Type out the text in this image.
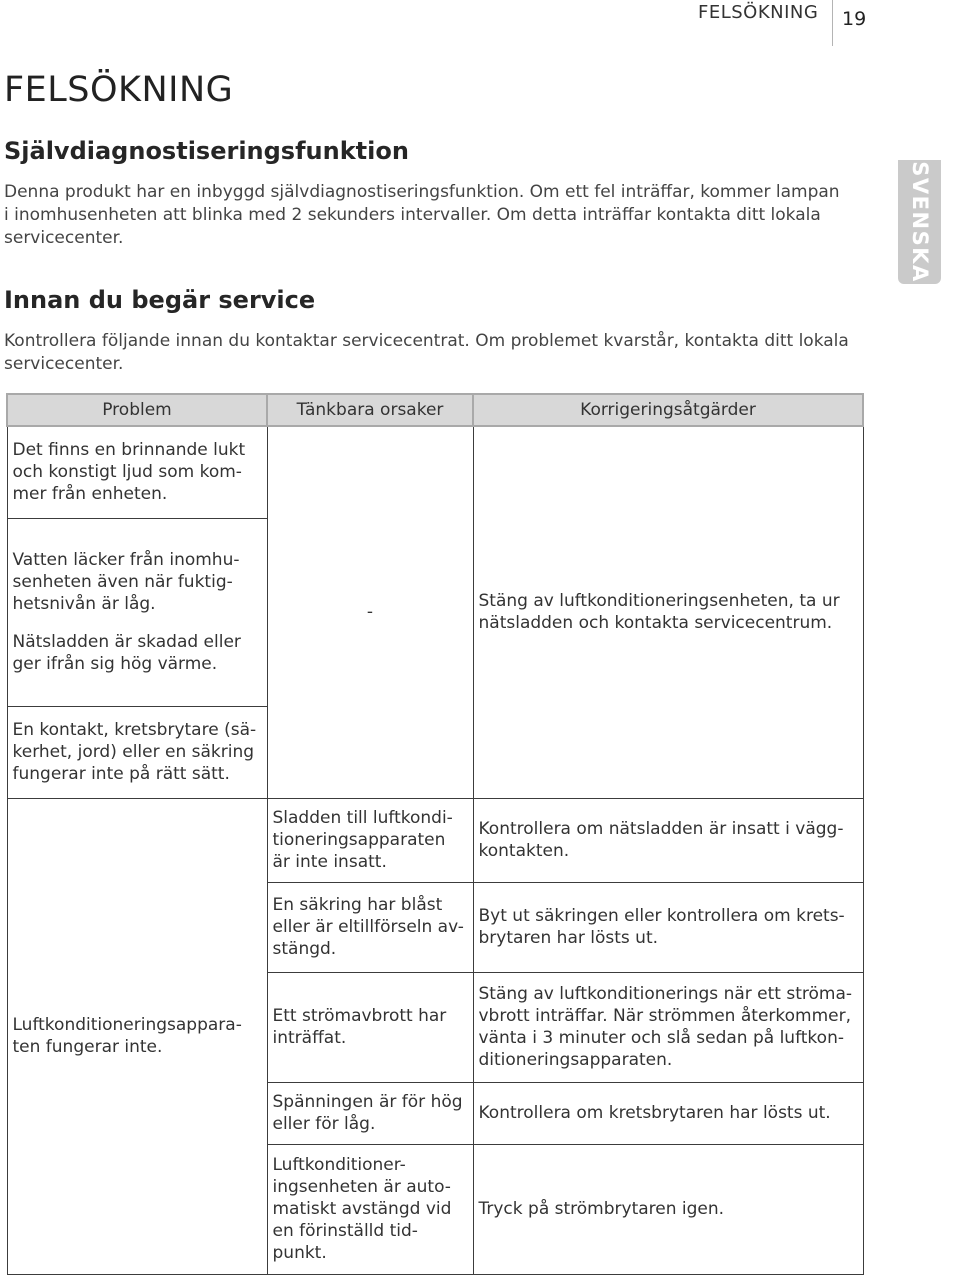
FELSÖKNING 19
SVENSKA
FELSÖKNING
Självdiagnostiseringsfunktion

Denna produkt har en inbyggd självdiagnostiseringsfunktion. Om ett fel inträffar, kommer lampan
i inomhusenheten att blinka med 2 sekunders intervaller. Om detta inträffar kontakta ditt lokala
servicecenter.

Innan du begär service

Kontrollera följande innan du kontaktar servicecentrat. Om problemet kvarstår, kontakta ditt lokala
servicecenter.

Problem	Tänkbara orsaker	Korrigeringsåtgärder

Det finns en brinnande lukt
och konstigt ljud som kom-
mer från enheten.	-	Stäng av luftkonditioneringsenheten, ta ur
nätsladden och kontakta servicecentrum.

Vatten läcker från inomhu-
senheten även när fuktig-
hetsnivån är låg.
Nätsladden är skadad eller
ger ifrån sig hög värme.		

En kontakt, kretsbrytare (sä-
kerhet, jord) eller en säkring
fungerar inte på rätt sätt.		

Luftkonditioneringsappara-
ten fungerar inte.	Sladden till luftkondi-
tioneringsapparaten
är inte insatt.	Kontrollera om nätsladden är insatt i vägg-
kontakten.

	En säkring har blåst
eller är eltillförseln av-
stängd.	Byt ut säkringen eller kontrollera om krets-
brytaren har lösts ut.

	Ett strömavbrott har
inträffat.	Stäng av luftkonditionerings när ett ströma-
vbrott inträffar. När strömmen återkommer,
vänta i 3 minuter och slå sedan på luftkon-
ditioneringsapparaten.

	Spänningen är för hög
eller för låg.	Kontrollera om kretsbrytaren har lösts ut.

	Luftkonditioner-
ingsenheten är auto-
matiskt avstängd vid
en förinställd tid-
punkt.	Tryck på strömbrytaren igen.
